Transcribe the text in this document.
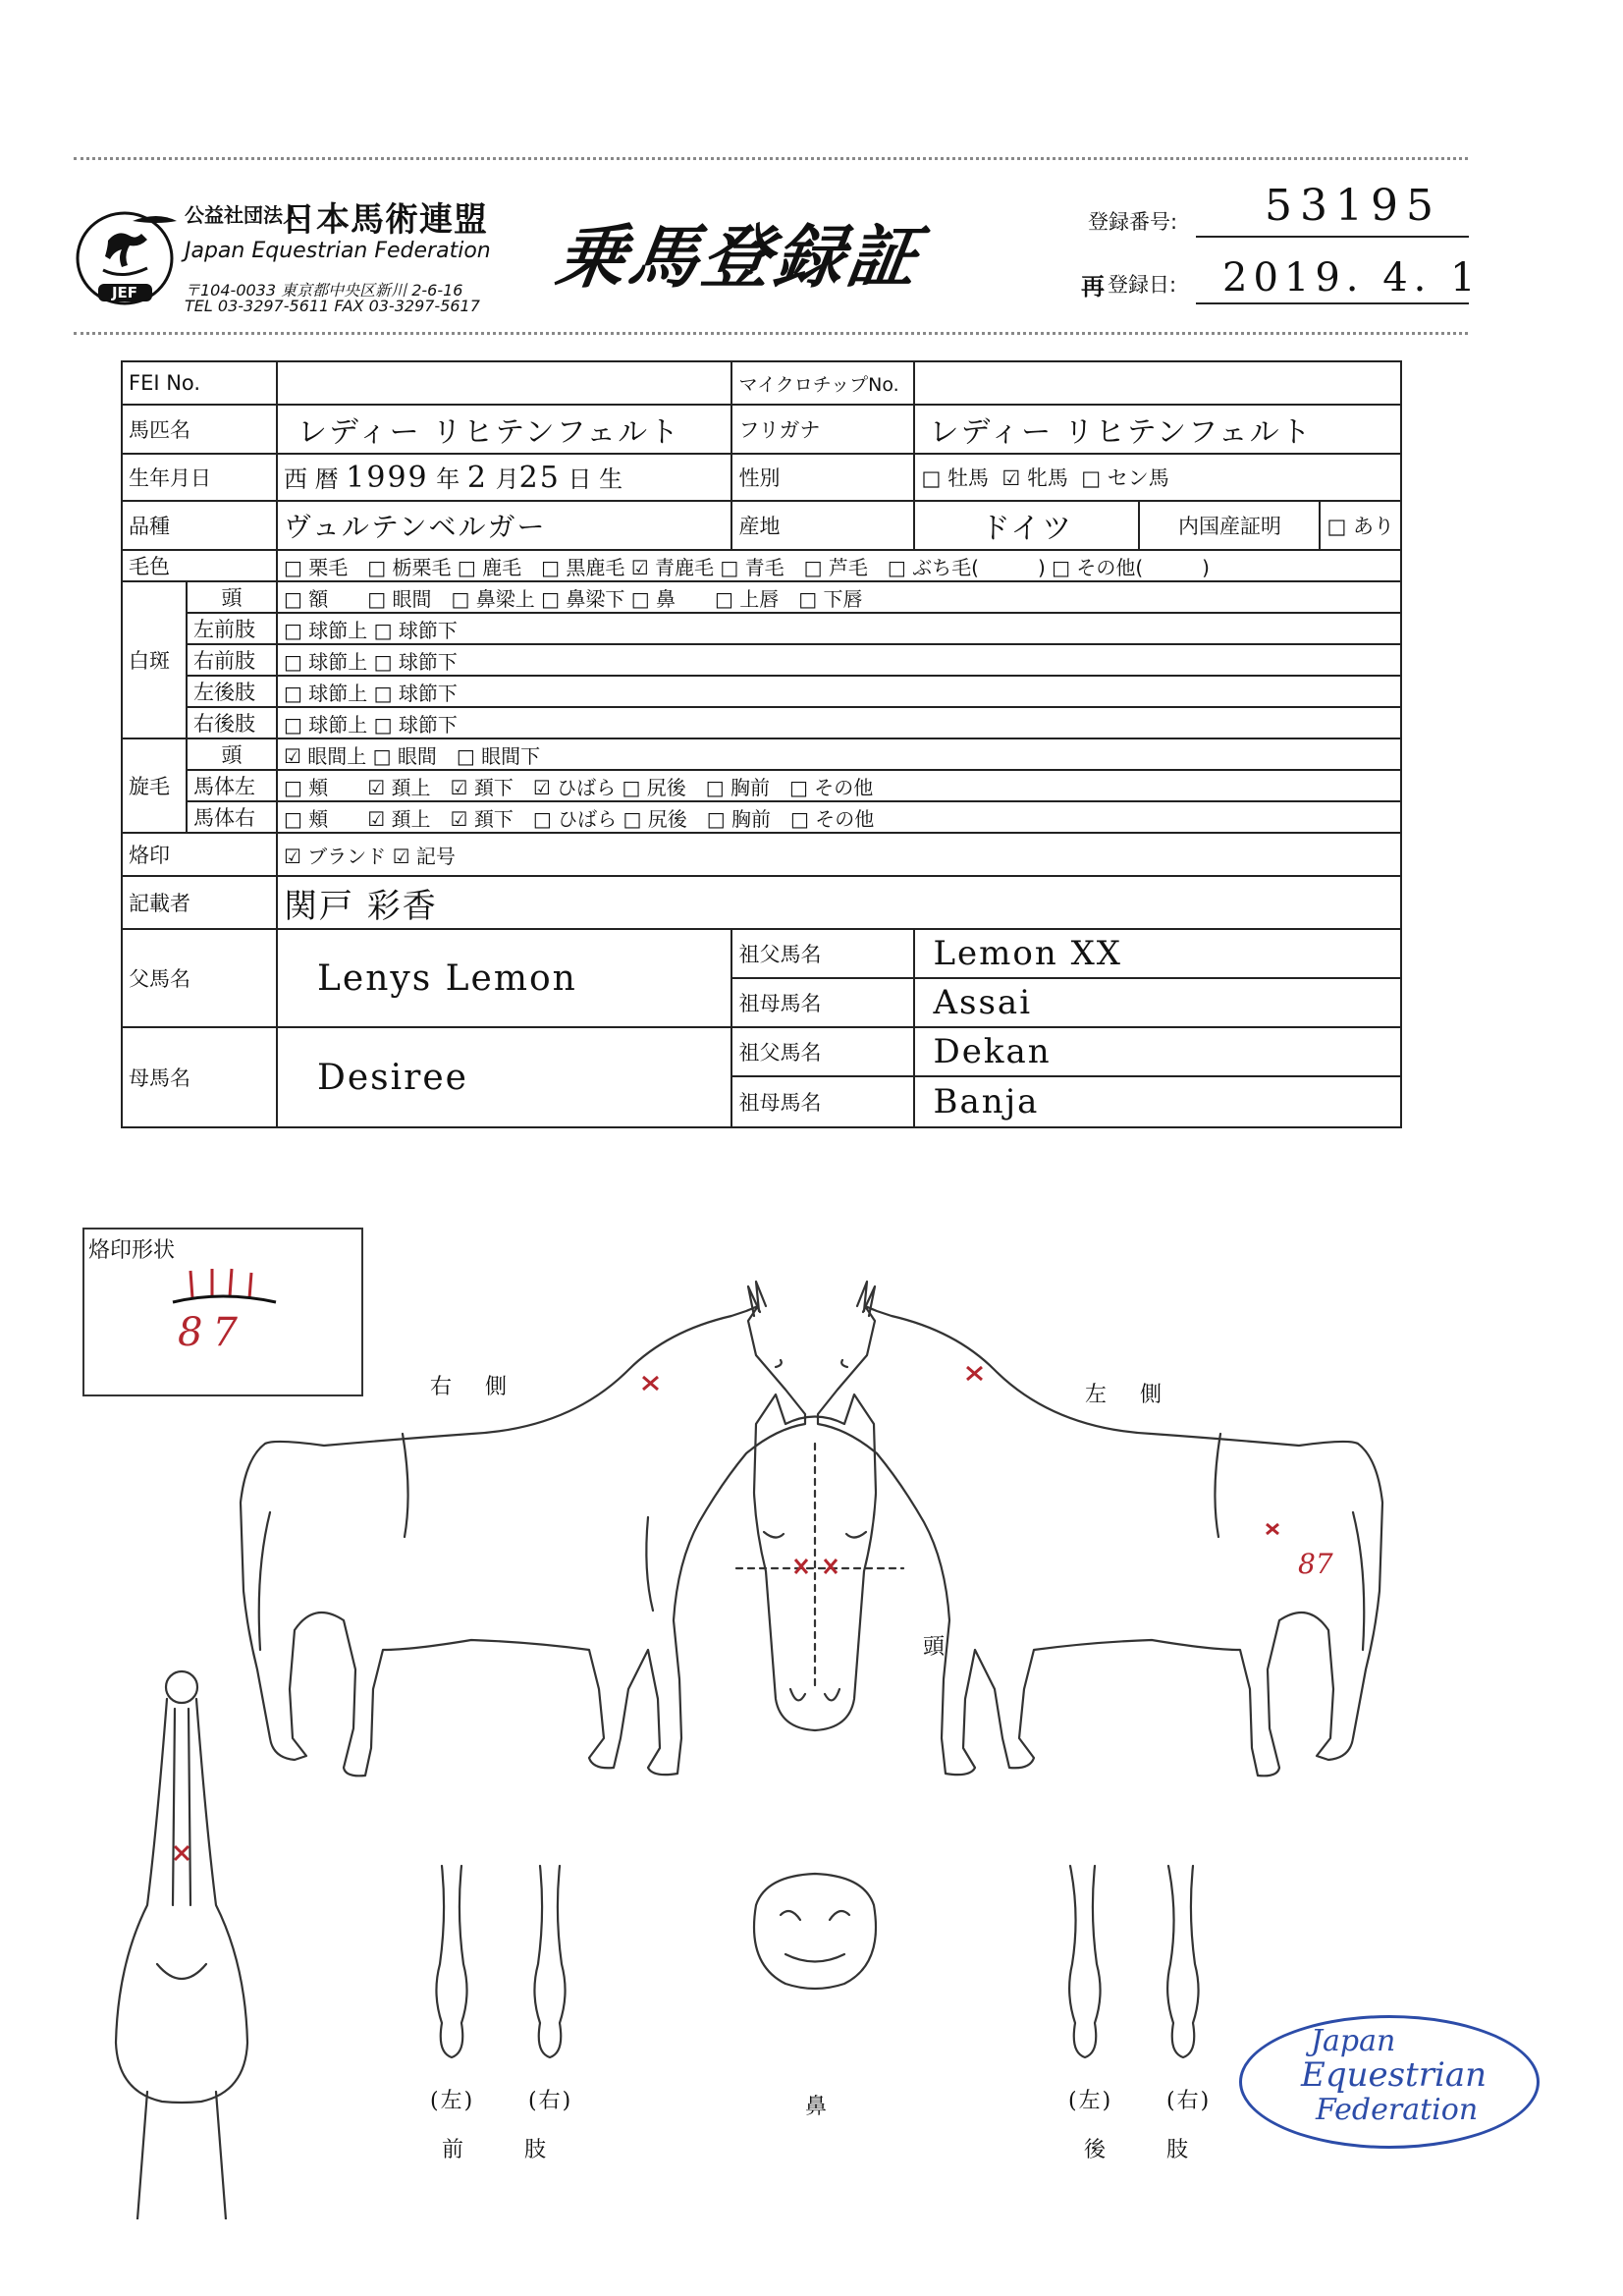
JEF
公益社団法人
日本馬術連盟
Japan Equestrian Federation
〒104-0033 東京都中央区新川 2-6-16
TEL 03-3297-5611 FAX 03-3297-5617
乗馬登録証	登録番号: 53195
再 登録日: 2019. 4. 1
FEI No.			マイクロチップNo.			
馬匹名		レディー リヒテンフェルト	フリガナ	レディー リヒテンフェルト		
生年月日		西 暦 1999 年 2 月25 日 生	性別	□ 牡馬 ☑ 牝馬 □ セン馬		
品種		ヴュルテンベルガー	産地	ドイツ	内国産証明	□ あり
毛色		□ 栗毛　□ 栃栗毛 □ 鹿毛　□ 黒鹿毛 ☑ 青鹿毛 □ 青毛　□ 芦毛　□ ぶち毛(　　　) □ その他(　　　)				
白斑	頭	□ 額　　□ 眼間　□ 鼻梁上 □ 鼻梁下 □ 鼻　　□ 上唇　□ 下唇				
	左前肢	□ 球節上 □ 球節下				
	右前肢	□ 球節上 □ 球節下				
	左後肢	□ 球節上 □ 球節下				
	右後肢	□ 球節上 □ 球節下				
旋毛	頭	☑ 眼間上 □ 眼間　□ 眼間下				
	馬体左	□ 頬　　☑ 頚上　☑ 頚下　☑ ひばら □ 尻後　□ 胸前　□ その他				
	馬体右	□ 頬　　☑ 頚上　☑ 頚下　□ ひばら □ 尻後　□ 胸前　□ その他				
烙印		☑ ブランド ☑ 記号				
記載者		関戸 彩香				
父馬名		Lenys Lemon	祖父馬名	Lemon XX		
			祖母馬名	Assai		
母馬名		Desiree	祖父馬名	Dekan		
			祖母馬名	Banja		
烙印形状
87
87
右　側	左　側
頭
鼻
(左) (右)
前　　肢
(左) (右)
後　　肢
Japan
Equestrian
Federation
